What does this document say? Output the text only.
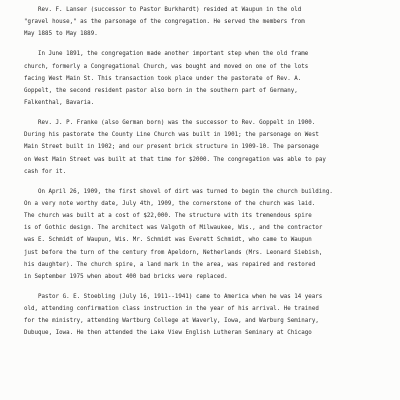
Rev. F. Lanser (successor to Pastor Burkhardt) resided at Waupun in the old
"gravel house," as the parsonage of the congregation. He served the members from
May 1885 to May 1889.
In June 1891, the congregation made another important step when the old frame
church, formerly a Congregational Church, was bought and moved on one of the lots
facing West Main St. This transaction took place under the pastorate of Rev. A.
Goppelt, the second resident pastor also born in the southern part of Germany,
Falkenthal, Bavaria.
Rev. J. P. Franke (also German born) was the successor to Rev. Goppelt in 1900.
During his pastorate the County Line Church was built in 1901; the parsonage on West
Main Street built in 1902; and our present brick structure in 1909-10. The parsonage
on West Main Street was built at that time for $2000. The congregation was able to pay
cash for it.
On April 26, 1909, the first shovel of dirt was turned to begin the church building.
On a very note worthy date, July 4th, 1909, the cornerstone of the church was laid.
The church was built at a cost of $22,000. The structure with its tremendous spire
is of Gothic design. The architect was Valgoth of Milwaukee, Wis., and the contractor
was E. Schmidt of Waupun, Wis. Mr. Schmidt was Everett Schmidt, who came to Waupun
just before the turn of the century from Apeldorn, Netherlands (Mrs. Leonard Siebish,
his daughter). The church spire, a land mark in the area, was repaired and restored
in September 1975 when about 400 bad bricks were replaced.
Pastor G. E. Stoebling (July 16, 1911--1941) came to America when he was 14 years
old, attending confirmation class instruction in the year of his arrival. He trained
for the ministry, attending Wartburg College at Waverly, Iowa, and Warburg Seminary,
Dubuque, Iowa. He then attended the Lake View English Lutheran Seminary at Chicago
